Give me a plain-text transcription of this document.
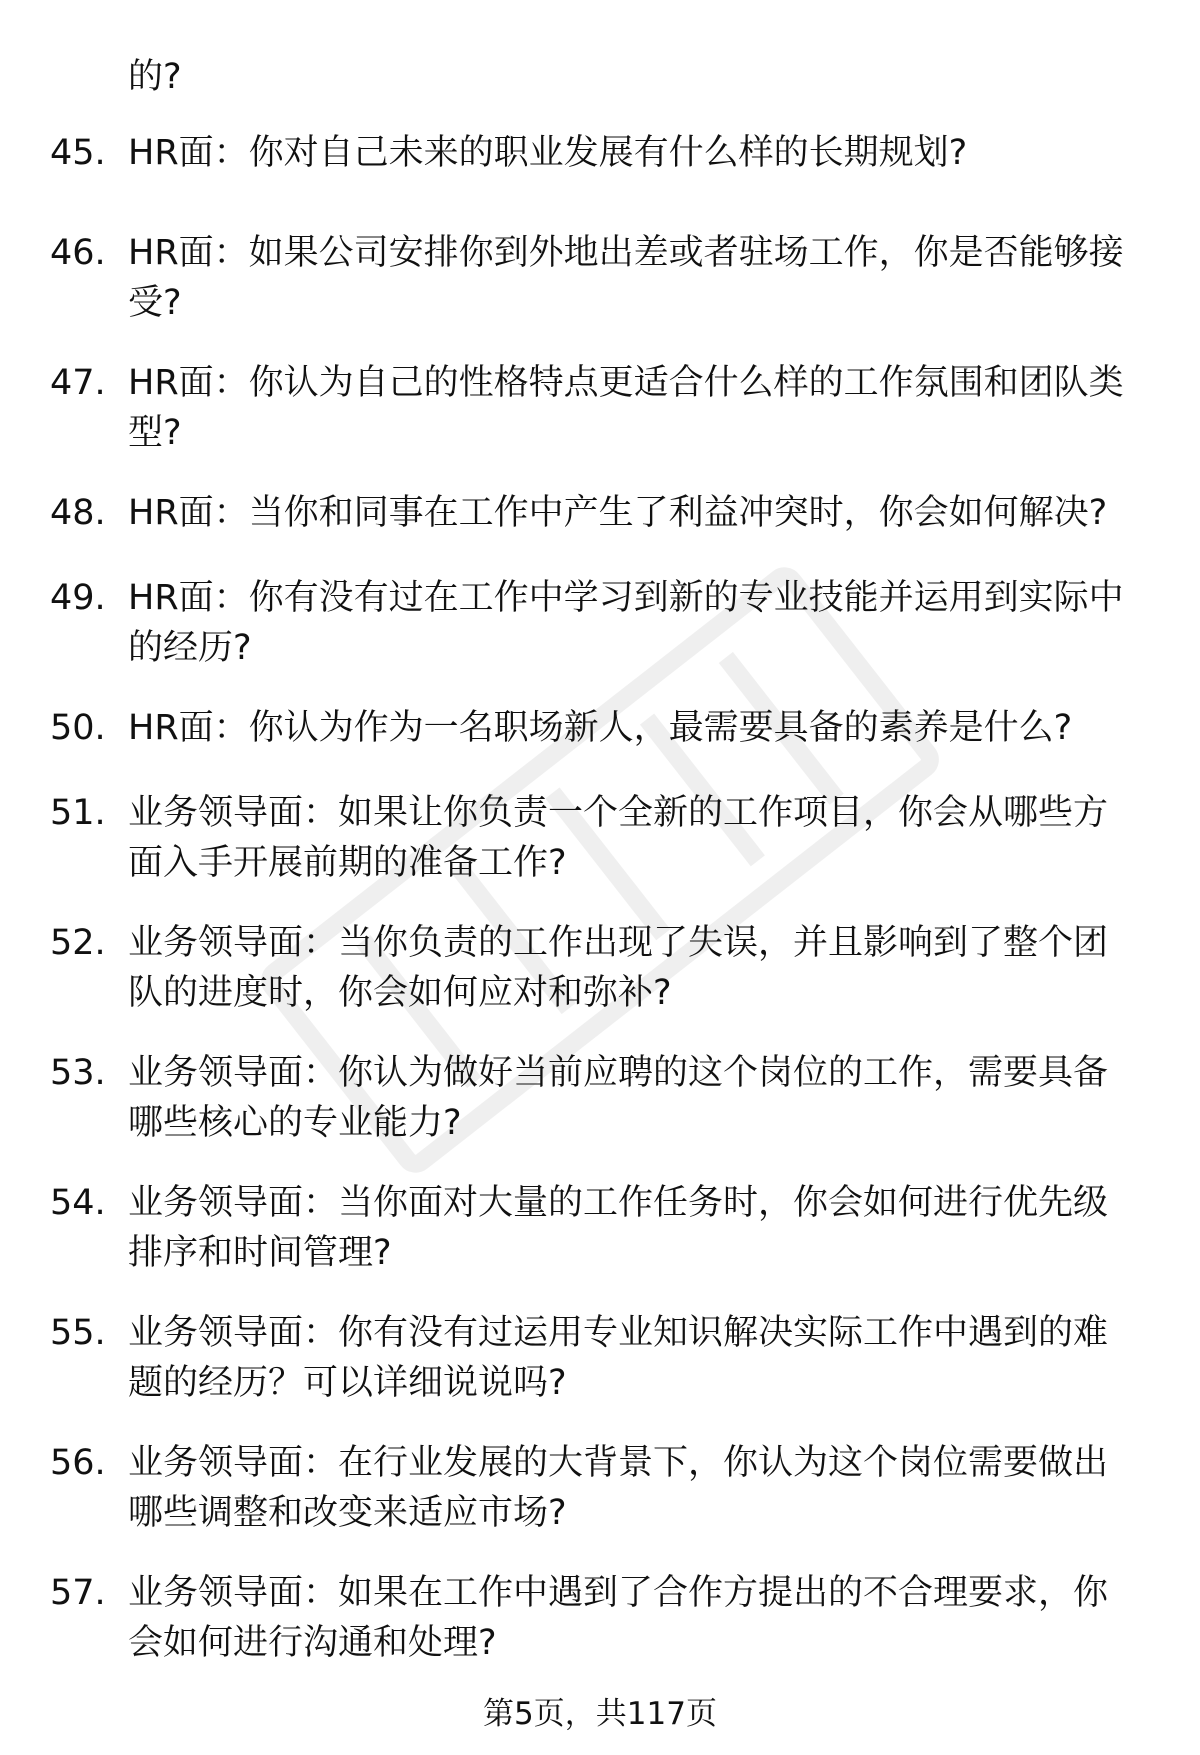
的?
45. HR面：你对自己未来的职业发展有什么样的长期规划?
46. HR面：如果公司安排你到外地出差或者驻场工作，你是否能够接
受?
47. HR面：你认为自己的性格特点更适合什么样的工作氛围和团队类
型?
48. HR面：当你和同事在工作中产生了利益冲突时，你会如何解决?
49. HR面：你有没有过在工作中学习到新的专业技能并运用到实际中
的经历?
50. HR面：你认为作为一名职场新人，最需要具备的素养是什么?
51. 业务领导面：如果让你负责一个全新的工作项目，你会从哪些方
面入手开展前期的准备工作?
52. 业务领导面：当你负责的工作出现了失误，并且影响到了整个团
队的进度时，你会如何应对和弥补?
53. 业务领导面：你认为做好当前应聘的这个岗位的工作，需要具备
哪些核心的专业能力?
54. 业务领导面：当你面对大量的工作任务时，你会如何进行优先级
排序和时间管理?
55. 业务领导面：你有没有过运用专业知识解决实际工作中遇到的难
题的经历？可以详细说说吗?
56. 业务领导面：在行业发展的大背景下，你认为这个岗位需要做出
哪些调整和改变来适应市场?
57. 业务领导面：如果在工作中遇到了合作方提出的不合理要求，你
会如何进行沟通和处理?
第5页，共117页
